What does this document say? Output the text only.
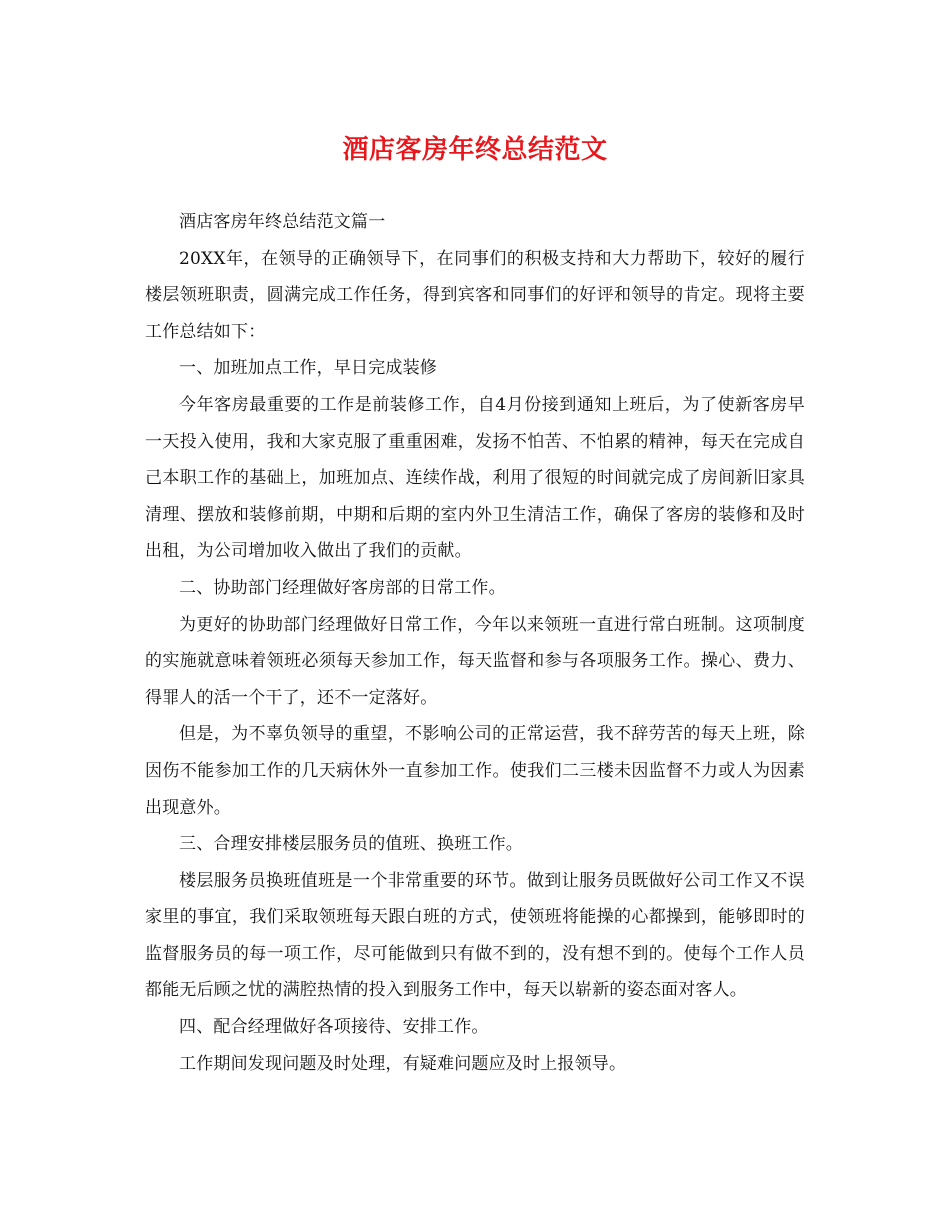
酒店客房年终总结范文

酒店客房年终总结范文篇一

20XX年，在领导的正确领导下，在同事们的积极支持和大力帮助下，较好的履行楼层领班职责，圆满完成工作任务，得到宾客和同事们的好评和领导的肯定。现将主要工作总结如下：

一、加班加点工作，早日完成装修

今年客房最重要的工作是前装修工作，自4月份接到通知上班后，为了使新客房早一天投入使用，我和大家克服了重重困难，发扬不怕苦、不怕累的精神，每天在完成自己本职工作的基础上，加班加点、连续作战，利用了很短的时间就完成了房间新旧家具清理、摆放和装修前期，中期和后期的室内外卫生清洁工作，确保了客房的装修和及时出租，为公司增加收入做出了我们的贡献。

二、协助部门经理做好客房部的日常工作。

为更好的协助部门经理做好日常工作，今年以来领班一直进行常白班制。这项制度的实施就意味着领班必须每天参加工作，每天监督和参与各项服务工作。操心、费力、得罪人的活一个干了，还不一定落好。

但是，为不辜负领导的重望，不影响公司的正常运营，我不辞劳苦的每天上班，除因伤不能参加工作的几天病休外一直参加工作。使我们二三楼未因监督不力或人为因素出现意外。

三、合理安排楼层服务员的值班、换班工作。

楼层服务员换班值班是一个非常重要的环节。做到让服务员既做好公司工作又不误家里的事宜，我们采取领班每天跟白班的方式，使领班将能操的心都操到，能够即时的监督服务员的每一项工作，尽可能做到只有做不到的，没有想不到的。使每个工作人员都能无后顾之忧的满腔热情的投入到服务工作中，每天以崭新的姿态面对客人。

四、配合经理做好各项接待、安排工作。

工作期间发现问题及时处理，有疑难问题应及时上报领导。
